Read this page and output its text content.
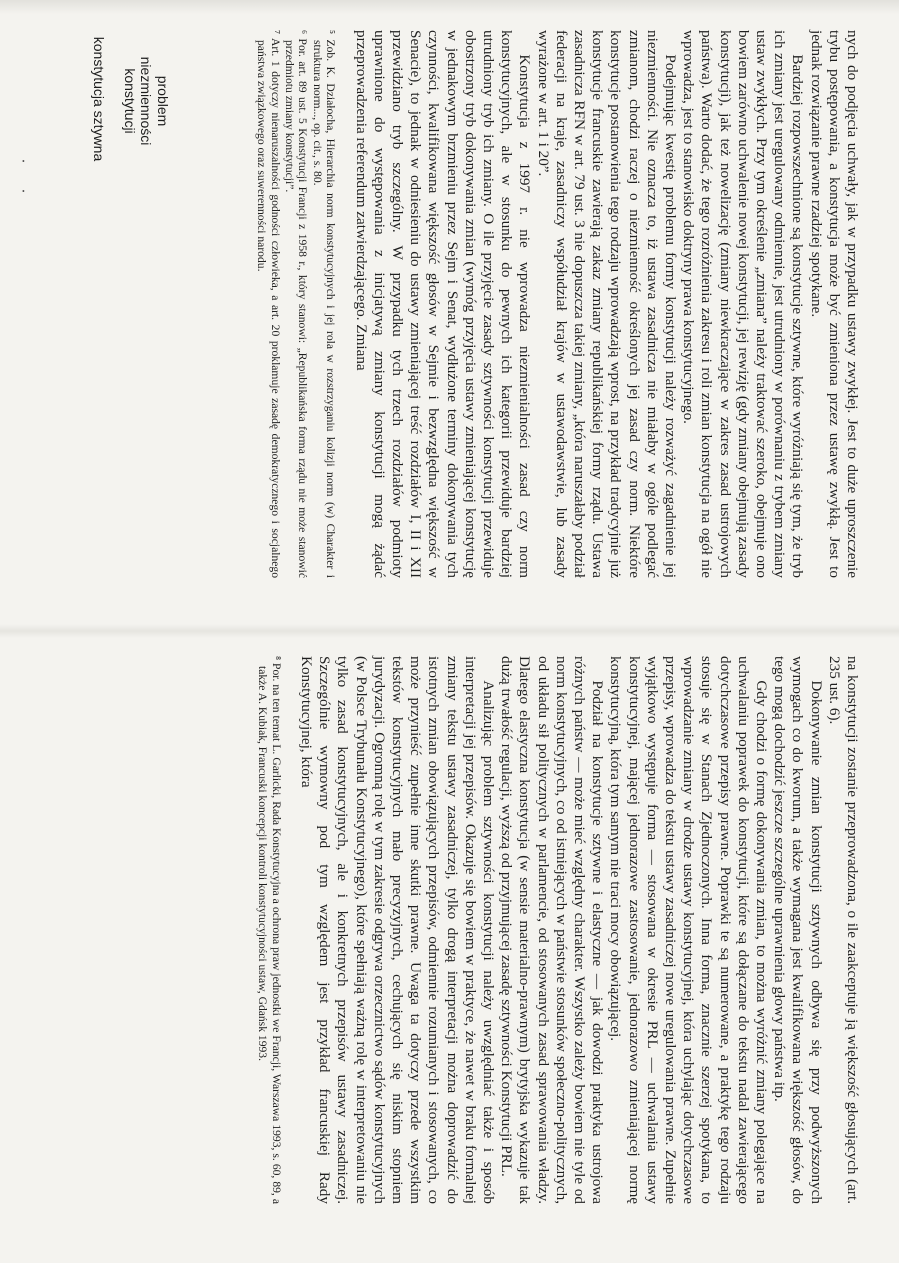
•
•
konstytucja sztywna	problem niezmienności konstytucji	nych do podjęcia uchwały, jak w przypadku ustawy zwykłej. Jest to duże uproszczenie trybu postępowania, a konstytucja może być zmieniona przez ustawę zwykłą. Jest to jednak rozwiązanie prawne rzadziej spotykane.

Bardziej rozpowszechnione są konstytucje sztywne, które wyróżniają się tym, że tryb ich zmiany jest uregulowany odmiennie, jest utrudniony w porównaniu z trybem zmiany ustaw zwykłych. Przy tym określenie „zmiana” należy traktować szeroko, obejmuje ono bowiem zarówno uchwalenie nowej konstytucji, jej rewizję (gdy zmiany obejmują zasady konstytucji), jak też nowelizację (zmiany niewkraczające w zakres zasad ustrojowych państwa). Warto dodać, że tego rozróżnienia zakresu i roli zmian konstytucja na ogół nie wprowadza, jest to stanowisko doktryny prawa konstytucyjnego.

Podejmując kwestię problemu formy konstytucji należy rozważyć zagadnienie jej niezmienności. Nie oznacza to, iż ustawa zasadnicza nie miałaby w ogóle podlegać zmianom, chodzi raczej o niezmienność określonych jej zasad czy norm. Niektóre konstytucje postanowienia tego rodzaju wprowadzają wprost, na przykład tradycyjnie już konstytucje francuskie zawierają zakaz zmiany republikańskiej formy rządu. Ustawa zasadnicza RFN w art. 79 ust. 3 nie dopuszcza takiej zmiany, „która naruszałaby podział federacji na kraje, zasadniczy współudział krajów w ustawodawstwie, lub zasady wyrażone w art. 1 i 20”.

Konstytucja z 1997 r. nie wprowadza niezmienialności zasad czy norm konstytucyjnych, ale w stosunku do pewnych ich kategorii przewiduje bardziej utrudniony tryb ich zmiany. O ile przyjęcie zasady sztywności konstytucji przewiduje obostrzony tryb dokonywania zmian (wymóg przyjęcia ustawy zmieniającej konstytucję w jednakowym brzmieniu przez Sejm i Senat, wydłużone terminy dokonywania tych czynności, kwalifikowana większość głosów w Sejmie i bezwzględna większość w Senacie), to jednak w odniesieniu do ustawy zmieniającej treść rozdziałów I, II i XII przewidziano tryb szczególny. W przypadku tych trzech rozdziałów podmioty uprawnione do występowania z inicjatywą zmiany konstytucji mogą żądać przeprowadzenia referendum zatwierdzającego. Zmiana

⁵ Zob. K. Działocha, Hierarchia norm konstytucyjnych i jej rola w rozstrzyganiu kolizji norm (w) Charakter i struktura norm..., op. cit., s. 80.

⁶ Por. art. 89 ust. 5 Konstytucji Francji z 1958 r., który stanowi: „Republikańska forma rządu nie może stanowić przedmiotu zmiany konstytucji”.

⁷ Art. 1 dotyczy nienaruszalności godności człowieka, a art. 20 proklamuje zasadę demokratycznego i socjalnego państwa związkowego oraz suwerenności narodu.

na konstytucji zostanie przeprowadzona, o ile zaakceptuje ją większość głosujących (art. 235 ust. 6).

Dokonywanie zmian konstytucji sztywnych odbywa się przy podwyższonych wymogach co do kworum, a także wymagana jest kwalifikowana większość głosów, do tego mogą dochodzić jeszcze szczególne uprawnienia głowy państwa itp.

Gdy chodzi o formę dokonywania zmian, to można wyróżnić zmiany polegające na uchwalaniu poprawek do konstytucji, które są dołączane do tekstu nadal zawierającego dotychczasowe przepisy prawne. Poprawki te są numerowane, a praktykę tego rodzaju stosuje się w Stanach Zjednoczonych. Inna forma, znacznie szerzej spotykana, to wprowadzanie zmiany w drodze ustawy konstytucyjnej, która uchylając dotychczasowe przepisy, wprowadza do tekstu ustawy zasadniczej nowe uregulowania prawne. Zupełnie wyjątkowo występuje forma — stosowana w okresie PRL — uchwalania ustawy konstytucyjnej, mającej jednorazowe zastosowanie, jednorazowo zmieniającej normę konstytucyjną, która tym samym nie traci mocy obowiązującej.

Podział na konstytucje sztywne i elastyczne — jak dowodzi praktyka ustrojowa różnych państw — może mieć względny charakter. Wszystko zależy bowiem nie tyle od norm konstytucyjnych, co od istniejących w państwie stosunków społeczno-politycznych, od układu sił politycznych w parlamencie, od stosowanych zasad sprawowania władzy. Dlatego elastyczna konstytucja (w sensie materialno-prawnym) brytyjska wykazuje tak dużą trwałość regulacji, wyższą od przyjmującej zasadę sztywności Konstytucji PRL.

Analizując problem sztywności konstytucji należy uwzględniać także i sposób interpretacji jej przepisów. Okazuje się bowiem w praktyce, że nawet w braku formalnej zmiany tekstu ustawy zasadniczej, tylko drogą interpretacji można doprowadzić do istotnych zmian obowiązujących przepisów, odmiennie rozumianych i stosowanych, co może przynieść zupełnie inne skutki prawne. Uwaga ta dotyczy przede wszystkim tekstów konstytucyjnych mało precyzyjnych, cechujących się niskim stopniem jurydyzacji. Ogromną rolę w tym zakresie odgrywa orzecznictwo sądów konstytucyjnych (w Polsce Trybunału Konstytucyjnego), które spełniają ważną rolę w interpretowaniu nie tylko zasad konstytucyjnych, ale i konkretnych przepisów ustawy zasadniczej. Szczególnie wymowny pod tym względem jest przykład francuskiej Rady Konstytucyjnej, która

⁸ Por. na ten temat L. Garlicki, Rada Konstytucyjna a ochrona praw jednostki we Francji, Warszawa 1993, s. 60, 89, a także A. Kubiak, Francuski koncepcji kontroli konstytucyjności ustaw, Gdańsk 1993.
